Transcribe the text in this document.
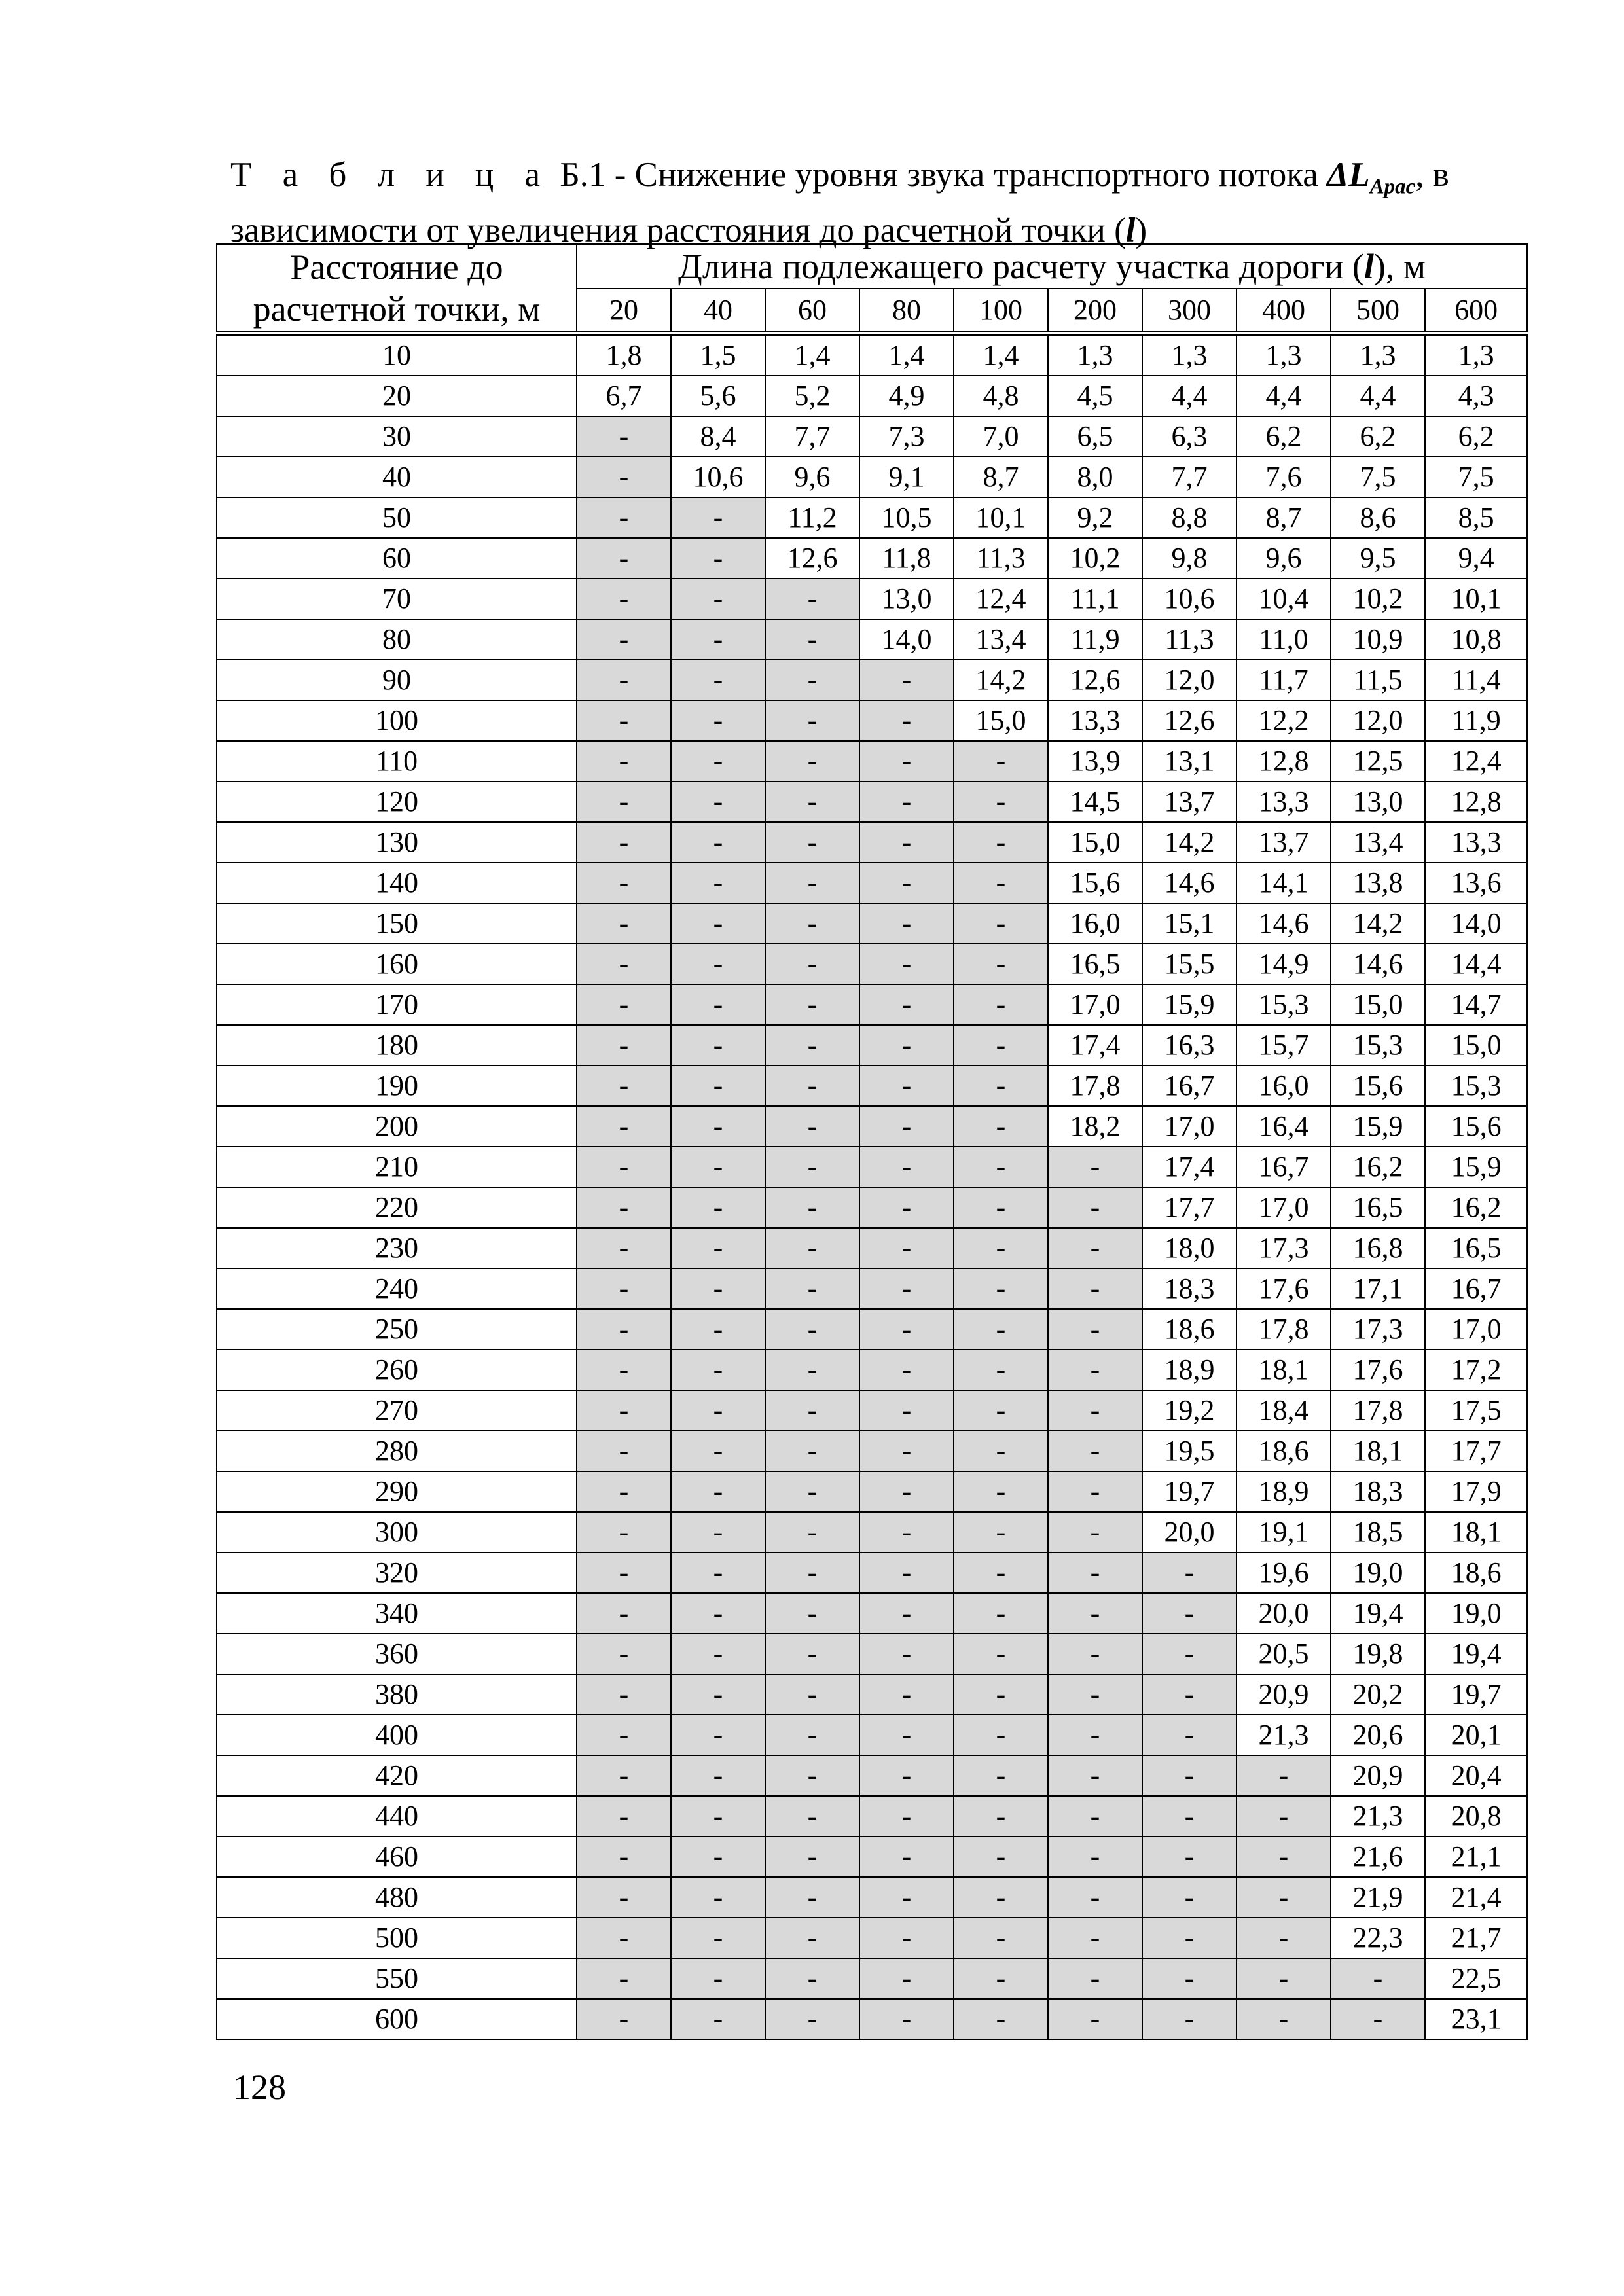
Т а б л и ц а Б.1 - Снижение уровня звука транспортного потока $\Delta L_{Арас}$, в
зависимости от увеличения расстояния до расчетной точки (l)
Расстояние до расчетной точки, м	Длина подлежащего расчету участка дороги (l), м									
	20	40	60	80	100	200	300	400	500	600
10	1,8	1,5	1,4	1,4	1,4	1,3	1,3	1,3	1,3	1,3
20	6,7	5,6	5,2	4,9	4,8	4,5	4,4	4,4	4,4	4,3
30	-	8,4	7,7	7,3	7,0	6,5	6,3	6,2	6,2	6,2
40	-	10,6	9,6	9,1	8,7	8,0	7,7	7,6	7,5	7,5
50	-	-	11,2	10,5	10,1	9,2	8,8	8,7	8,6	8,5
60	-	-	12,6	11,8	11,3	10,2	9,8	9,6	9,5	9,4
70	-	-	-	13,0	12,4	11,1	10,6	10,4	10,2	10,1
80	-	-	-	14,0	13,4	11,9	11,3	11,0	10,9	10,8
90	-	-	-	-	14,2	12,6	12,0	11,7	11,5	11,4
100	-	-	-	-	15,0	13,3	12,6	12,2	12,0	11,9
110	-	-	-	-	-	13,9	13,1	12,8	12,5	12,4
120	-	-	-	-	-	14,5	13,7	13,3	13,0	12,8
130	-	-	-	-	-	15,0	14,2	13,7	13,4	13,3
140	-	-	-	-	-	15,6	14,6	14,1	13,8	13,6
150	-	-	-	-	-	16,0	15,1	14,6	14,2	14,0
160	-	-	-	-	-	16,5	15,5	14,9	14,6	14,4
170	-	-	-	-	-	17,0	15,9	15,3	15,0	14,7
180	-	-	-	-	-	17,4	16,3	15,7	15,3	15,0
190	-	-	-	-	-	17,8	16,7	16,0	15,6	15,3
200	-	-	-	-	-	18,2	17,0	16,4	15,9	15,6
210	-	-	-	-	-	-	17,4	16,7	16,2	15,9
220	-	-	-	-	-	-	17,7	17,0	16,5	16,2
230	-	-	-	-	-	-	18,0	17,3	16,8	16,5
240	-	-	-	-	-	-	18,3	17,6	17,1	16,7
250	-	-	-	-	-	-	18,6	17,8	17,3	17,0
260	-	-	-	-	-	-	18,9	18,1	17,6	17,2
270	-	-	-	-	-	-	19,2	18,4	17,8	17,5
280	-	-	-	-	-	-	19,5	18,6	18,1	17,7
290	-	-	-	-	-	-	19,7	18,9	18,3	17,9
300	-	-	-	-	-	-	20,0	19,1	18,5	18,1
320	-	-	-	-	-	-	-	19,6	19,0	18,6
340	-	-	-	-	-	-	-	20,0	19,4	19,0
360	-	-	-	-	-	-	-	20,5	19,8	19,4
380	-	-	-	-	-	-	-	20,9	20,2	19,7
400	-	-	-	-	-	-	-	21,3	20,6	20,1
420	-	-	-	-	-	-	-	-	20,9	20,4
440	-	-	-	-	-	-	-	-	21,3	20,8
460	-	-	-	-	-	-	-	-	21,6	21,1
480	-	-	-	-	-	-	-	-	21,9	21,4
500	-	-	-	-	-	-	-	-	22,3	21,7
550	-	-	-	-	-	-	-	-	-	22,5
600	-	-	-	-	-	-	-	-	-	23,1
128
